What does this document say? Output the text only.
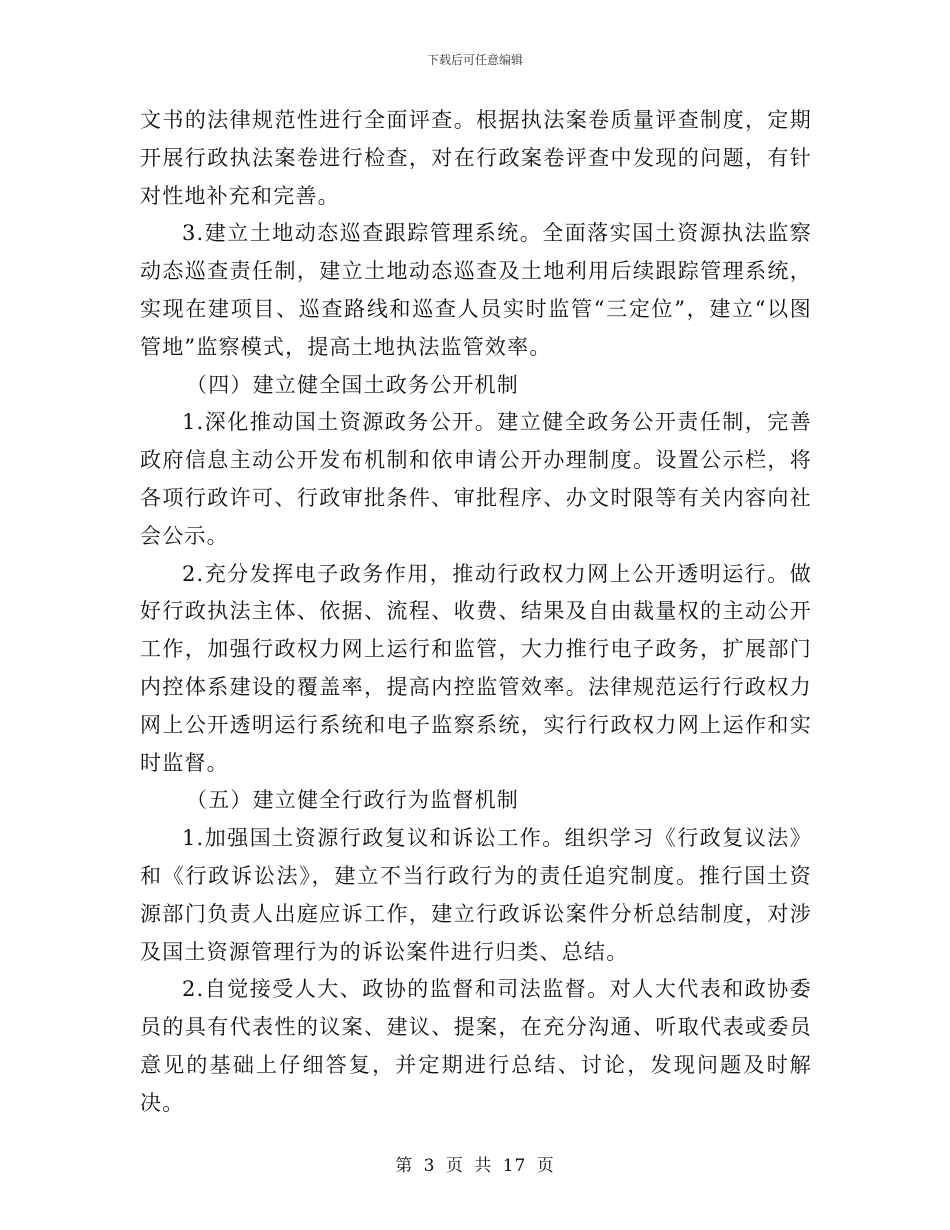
下载后可任意编辑

文书的法律规范性进行全面评查。根据执法案卷质量评查制度，定期开展行政执法案卷进行检查，对在行政案卷评查中发现的问题，有针对性地补充和完善。

3.建立土地动态巡查跟踪管理系统。全面落实国土资源执法监察动态巡查责任制，建立土地动态巡查及土地利用后续跟踪管理系统，实现在建项目、巡查路线和巡查人员实时监管“三定位”，建立“以图管地”监察模式，提高土地执法监管效率。

（四）建立健全国土政务公开机制

1.深化推动国土资源政务公开。建立健全政务公开责任制，完善政府信息主动公开发布机制和依申请公开办理制度。设置公示栏，将各项行政许可、行政审批条件、审批程序、办文时限等有关内容向社会公示。

2.充分发挥电子政务作用，推动行政权力网上公开透明运行。做好行政执法主体、依据、流程、收费、结果及自由裁量权的主动公开工作，加强行政权力网上运行和监管，大力推行电子政务，扩展部门内控体系建设的覆盖率，提高内控监管效率。法律规范运行行政权力网上公开透明运行系统和电子监察系统，实行行政权力网上运作和实时监督。

（五）建立健全行政行为监督机制

1.加强国土资源行政复议和诉讼工作。组织学习《行政复议法》和《行政诉讼法》，建立不当行政行为的责任追究制度。推行国土资源部门负责人出庭应诉工作，建立行政诉讼案件分析总结制度，对涉及国土资源管理行为的诉讼案件进行归类、总结。

2.自觉接受人大、政协的监督和司法监督。对人大代表和政协委员的具有代表性的议案、建议、提案，在充分沟通、听取代表或委员意见的基础上仔细答复，并定期进行总结、讨论，发现问题及时解决。

第 3 页 共 17 页
